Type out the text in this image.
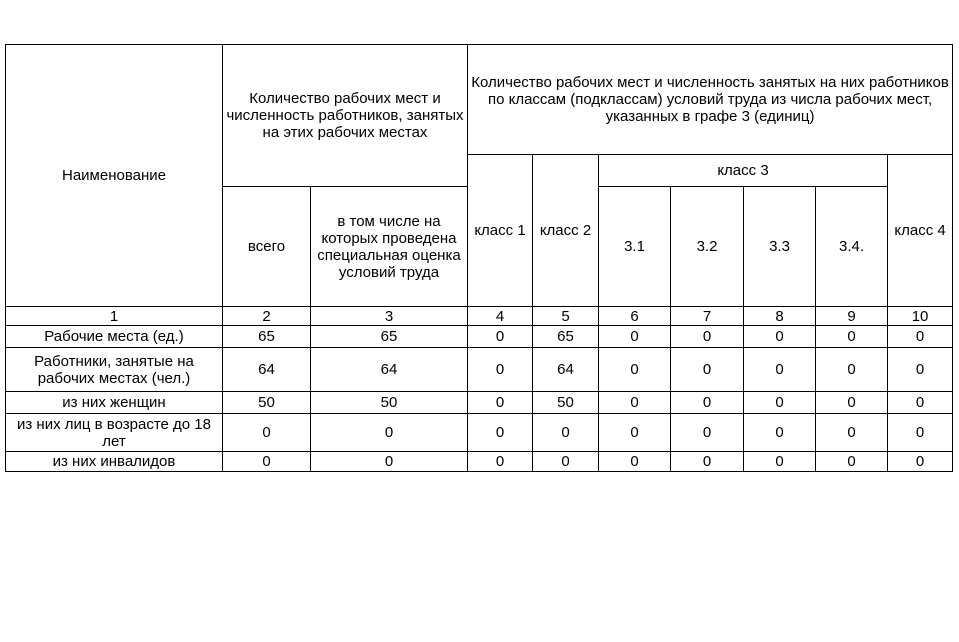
Наименование	Количество рабочих мест и численность работников, занятых на этих рабочих местах		Количество рабочих мест и численность занятых на них работников по классам (подклассам) условий труда из числа рабочих мест, указанных в графе 3 (единиц)						
			класс 1	класс 2	класс 3				класс 4
	всего	в том числе на которых проведена специальная оценка условий труда			3.1	3.2	3.3	3.4.	
1	2	3	4	5	6	7	8	9	10
Рабочие места (ед.)	65	65	0	65	0	0	0	0	0
Работники, занятые на рабочих местах (чел.)	64	64	0	64	0	0	0	0	0
из них женщин	50	50	0	50	0	0	0	0	0
из них лиц в возрасте до 18 лет	0	0	0	0	0	0	0	0	0
из них инвалидов	0	0	0	0	0	0	0	0	0
